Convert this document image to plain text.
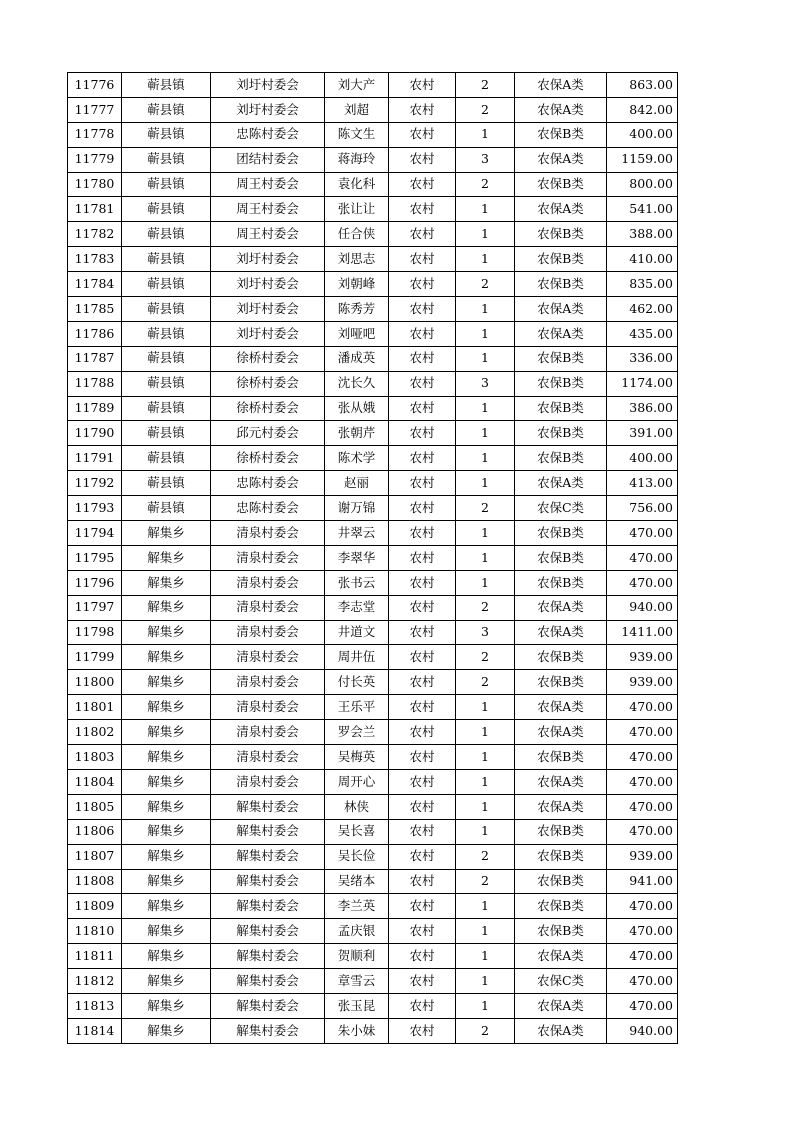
11776	蕲县镇	刘圩村委会	刘大产	农村	2	农保A类	863.00
11777	蕲县镇	刘圩村委会	刘超	农村	2	农保A类	842.00
11778	蕲县镇	忠陈村委会	陈文生	农村	1	农保B类	400.00
11779	蕲县镇	团结村委会	蒋海玲	农村	3	农保A类	1159.00
11780	蕲县镇	周王村委会	袁化科	农村	2	农保B类	800.00
11781	蕲县镇	周王村委会	张让让	农村	1	农保A类	541.00
11782	蕲县镇	周王村委会	任合侠	农村	1	农保B类	388.00
11783	蕲县镇	刘圩村委会	刘思志	农村	1	农保B类	410.00
11784	蕲县镇	刘圩村委会	刘朝峰	农村	2	农保B类	835.00
11785	蕲县镇	刘圩村委会	陈秀芳	农村	1	农保A类	462.00
11786	蕲县镇	刘圩村委会	刘哑吧	农村	1	农保A类	435.00
11787	蕲县镇	徐桥村委会	潘成英	农村	1	农保B类	336.00
11788	蕲县镇	徐桥村委会	沈长久	农村	3	农保B类	1174.00
11789	蕲县镇	徐桥村委会	张从娥	农村	1	农保B类	386.00
11790	蕲县镇	邱元村委会	张朝芹	农村	1	农保B类	391.00
11791	蕲县镇	徐桥村委会	陈术学	农村	1	农保B类	400.00
11792	蕲县镇	忠陈村委会	赵丽	农村	1	农保A类	413.00
11793	蕲县镇	忠陈村委会	谢万锦	农村	2	农保C类	756.00
11794	解集乡	清泉村委会	井翠云	农村	1	农保B类	470.00
11795	解集乡	清泉村委会	李翠华	农村	1	农保B类	470.00
11796	解集乡	清泉村委会	张书云	农村	1	农保B类	470.00
11797	解集乡	清泉村委会	李志堂	农村	2	农保A类	940.00
11798	解集乡	清泉村委会	井道文	农村	3	农保A类	1411.00
11799	解集乡	清泉村委会	周井伍	农村	2	农保B类	939.00
11800	解集乡	清泉村委会	付长英	农村	2	农保B类	939.00
11801	解集乡	清泉村委会	王乐平	农村	1	农保A类	470.00
11802	解集乡	清泉村委会	罗会兰	农村	1	农保A类	470.00
11803	解集乡	清泉村委会	吴梅英	农村	1	农保B类	470.00
11804	解集乡	清泉村委会	周开心	农村	1	农保A类	470.00
11805	解集乡	解集村委会	林侠	农村	1	农保A类	470.00
11806	解集乡	解集村委会	吴长喜	农村	1	农保B类	470.00
11807	解集乡	解集村委会	吴长俭	农村	2	农保B类	939.00
11808	解集乡	解集村委会	吴绪本	农村	2	农保B类	941.00
11809	解集乡	解集村委会	李兰英	农村	1	农保B类	470.00
11810	解集乡	解集村委会	孟庆银	农村	1	农保B类	470.00
11811	解集乡	解集村委会	贺顺利	农村	1	农保A类	470.00
11812	解集乡	解集村委会	章雪云	农村	1	农保C类	470.00
11813	解集乡	解集村委会	张玉昆	农村	1	农保A类	470.00
11814	解集乡	解集村委会	朱小妹	农村	2	农保A类	940.00
